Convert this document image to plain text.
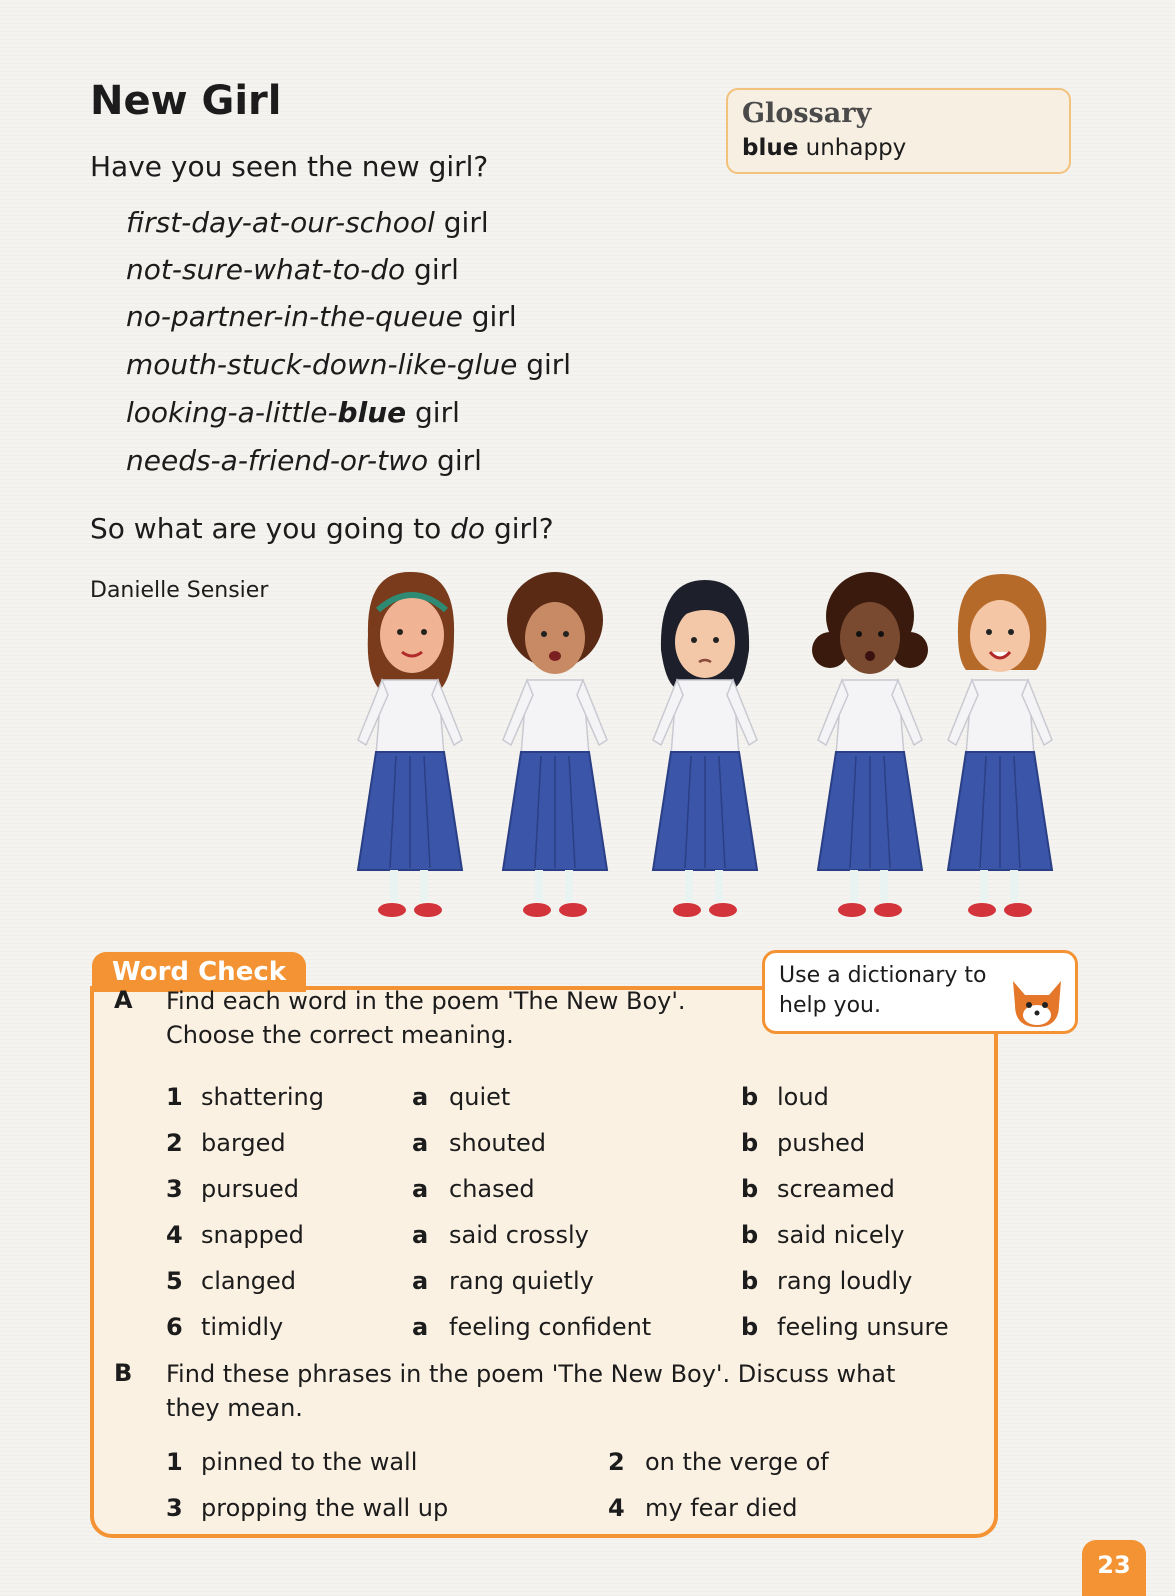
New Girl
Have you seen the new girl?
first-day-at-our-school girl
not-sure-what-to-do girl
no-partner-in-the-queue girl
mouth-stuck-down-like-glue girl
looking-a-little-blue girl
needs-a-friend-or-two girl
So what are you going to do girl?
Danielle Sensier
Glossary
blue unhappy
Word Check	Use a dictionary to help you.
A Find each word in the poem 'The New Boy'. Choose the correct meaning.
1 shattering	a quiet	b loud
2 barged	a shouted	b pushed
3 pursued	a chased	b screamed
4 snapped	a said crossly	b said nicely
5 clanged	a rang quietly	b rang loudly
6 timidly	a feeling confident	b feeling unsure
B Find these phrases in the poem 'The New Boy'. Discuss what they mean.
1 pinned to the wall	2 on the verge of
3 propping the wall up	4 my fear died
23
